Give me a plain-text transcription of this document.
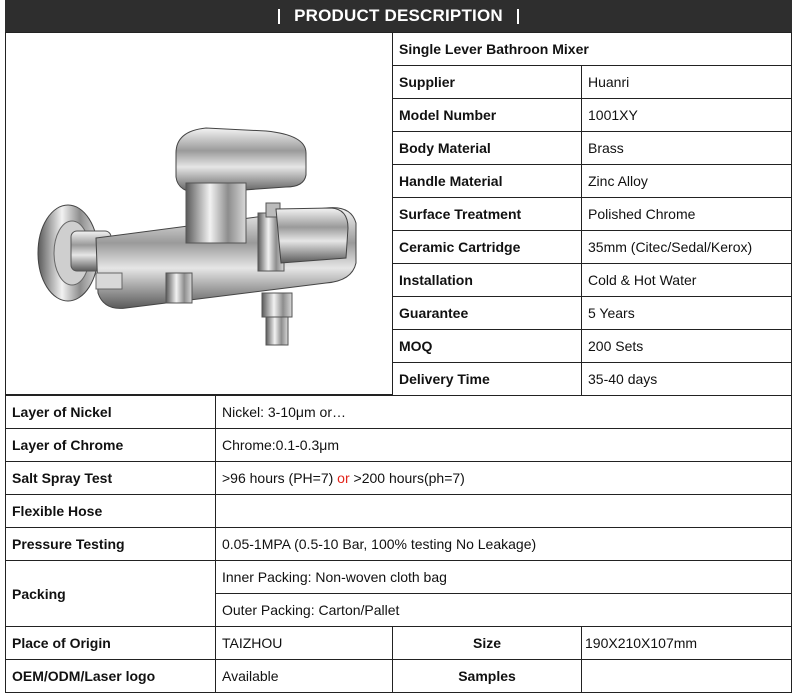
PRODUCT DESCRIPTION
Single Lever Bathroon Mixer
Supplier	Huanri
Model Number	1001XY
Body Material	Brass
Handle Material	Zinc Alloy
Surface Treatment	Polished Chrome
Ceramic Cartridge	35mm (Citec/Sedal/Kerox)
Installation	Cold & Hot Water
Guarantee	5 Years
MOQ	200 Sets
Delivery Time	35-40 days
Layer of Nickel	Nickel: 3-10μm or…
Layer of Chrome	Chrome:0.1-0.3μm
Salt Spray Test	>96 hours (PH=7) or >200 hours(ph=7)
Flexible Hose
Pressure Testing	0.05-1MPA (0.5-10 Bar, 100% testing No Leakage)
Packing
Inner Packing: Non-woven cloth bag
Outer Packing: Carton/Pallet
Place of Origin	TAIZHOU	Size	190X210X107mm
OEM/ODM/Laser logo	Available	Samples
